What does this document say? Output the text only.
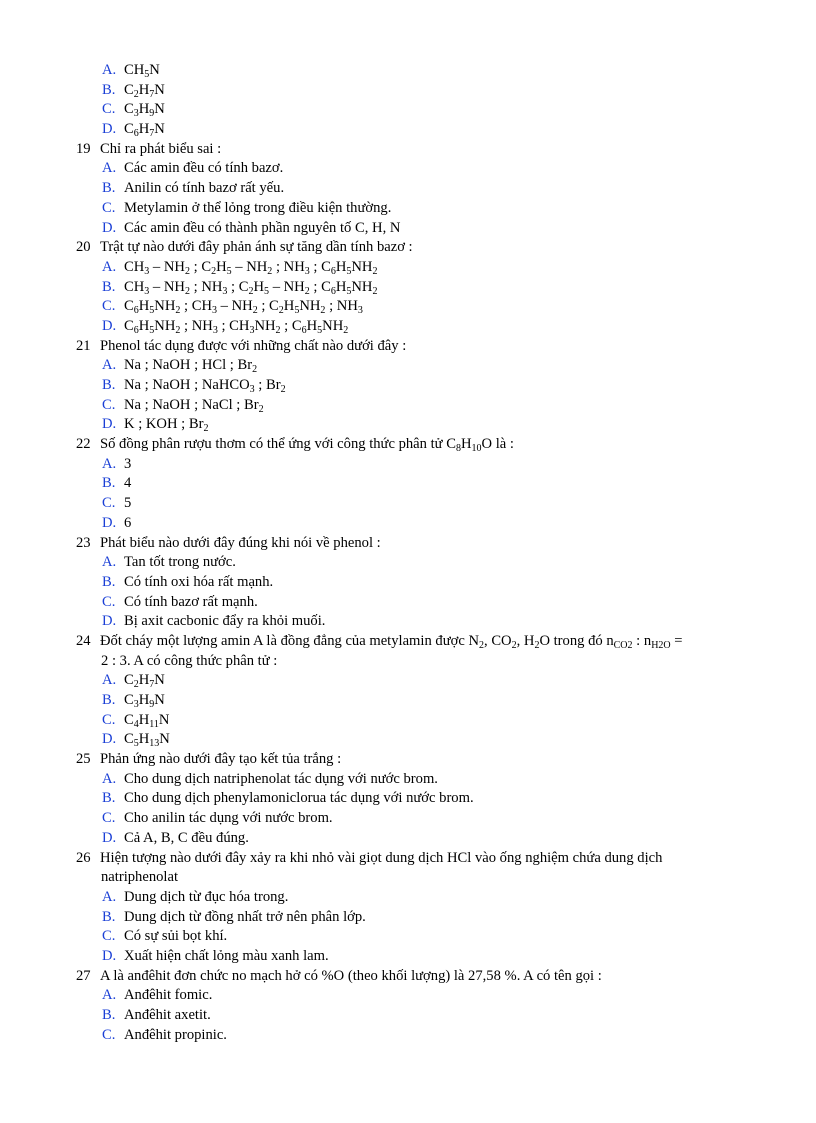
A. $CH_5N$
B. $C_2H_7N$
C. $C_3H_9N$
D. $C_6H_7N$
19 Chỉ ra phát biểu sai :
A. Các amin đều có tính bazơ.
B. Anilin có tính bazơ rất yếu.
C. Metylamin ở thể lỏng trong điều kiện thường.
D. Các amin đều có thành phần nguyên tố C, H, N
20 Trật tự nào dưới đây phản ánh sự tăng dần tính bazơ :
A. $CH_3 - NH_2$ ; $C_2H_5 - NH_2$ ; $NH_3$ ; $C_6H_5NH_2$
B. $CH_3 - NH_2$ ; $NH_3$ ; $C_2H_5 - NH_2$ ; $C_6H_5NH_2$
C. $C_6H_5NH_2$ ; $CH_3 - NH_2$ ; $C_2H_5NH_2$ ; $NH_3$
D. $C_6H_5NH_2$ ; $NH_3$ ; $CH_3NH_2$ ; $C_6H_5NH_2$
21 Phenol tác dụng được với những chất nào dưới đây :
A. Na ; NaOH ; HCl ; $Br_2$
B. Na ; NaOH ; NaHCO$_3$ ; $Br_2$
C. Na ; NaOH ; NaCl ; $Br_2$
D. K ; KOH ; $Br_2$
22 Số đồng phân rượu thơm có thể ứng với công thức phân tử $C_8H_{10}O$ là :
A. 3
B. 4
C. 5
D. 6
23 Phát biểu nào dưới đây đúng khi nói về phenol :
A. Tan tốt trong nước.
B. Có tính oxi hóa rất mạnh.
C. Có tính bazơ rất mạnh.
D. Bị axit cacbonic đẩy ra khỏi muối.
24 Đốt cháy một lượng amin A là đồng đẳng của metylamin được $N_2$, $CO_2$, $H_2O$ trong đó $n_{CO2}$ : $n_{H2O}$ =
2 : 3. A có công thức phân tử :
A. $C_2H_7N$
B. $C_3H_9N$
C. $C_4H_{11}N$
D. $C_5H_{13}N$
25 Phản ứng nào dưới đây tạo kết tủa trắng :
A. Cho dung dịch natriphenolat tác dụng với nước brom.
B. Cho dung dịch phenylamoniclorua tác dụng với nước brom.
C. Cho anilin tác dụng với nước brom.
D. Cả A, B, C đều đúng.
26 Hiện tượng nào dưới đây xảy ra khi nhỏ vài giọt dung dịch HCl vào ống nghiệm chứa dung dịch
natriphenolat
A. Dung dịch từ đục hóa trong.
B. Dung dịch từ đồng nhất trở nên phân lớp.
C. Có sự sủi bọt khí.
D. Xuất hiện chất lỏng màu xanh lam.
27 A là anđêhit đơn chức no mạch hở có %O (theo khối lượng) là 27,58 %. A có tên gọi :
A. Anđêhit fomic.
B. Anđêhit axetit.
C. Anđêhit propinic.
